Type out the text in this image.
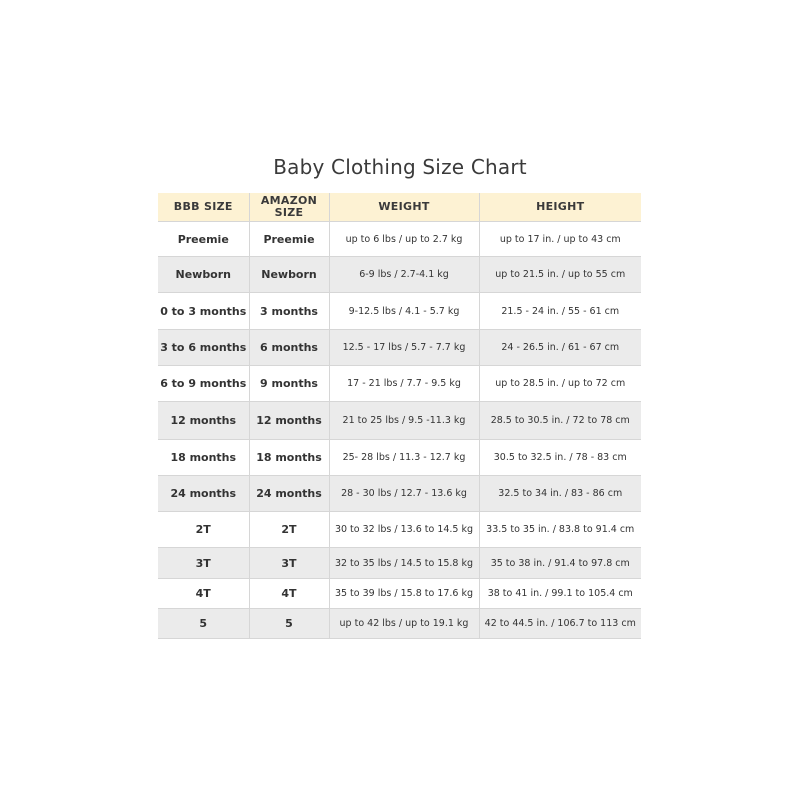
Baby Clothing Size Chart
BBB SIZE	AMAZON SIZE	WEIGHT	HEIGHT
Preemie	Preemie	up to 6 lbs / up to 2.7 kg	up to 17 in. / up to 43 cm
Newborn	Newborn	6-9 lbs / 2.7-4.1 kg	up to 21.5 in. / up to 55 cm
0 to 3 months	3 months	9-12.5 lbs / 4.1 - 5.7 kg	21.5 - 24 in. / 55 - 61 cm
3 to 6 months	6 months	12.5 - 17 lbs / 5.7 - 7.7 kg	24 - 26.5 in. / 61 - 67 cm
6 to 9 months	9 months	17 - 21 lbs / 7.7 - 9.5 kg	up to 28.5 in. / up to 72 cm
12 months	12 months	21 to 25 lbs / 9.5 -11.3 kg	28.5 to 30.5 in. / 72 to 78 cm
18 months	18 months	25- 28 lbs / 11.3 - 12.7 kg	30.5 to 32.5 in. / 78 - 83 cm
24 months	24 months	28 - 30 lbs / 12.7 - 13.6 kg	32.5 to 34 in. / 83 - 86 cm
2T	2T	30 to 32 lbs / 13.6 to 14.5 kg	33.5 to 35 in. / 83.8 to 91.4 cm
3T	3T	32 to 35 lbs / 14.5 to 15.8 kg	35 to 38 in. / 91.4 to 97.8 cm
4T	4T	35 to 39 lbs / 15.8 to 17.6 kg	38 to 41 in. / 99.1 to 105.4 cm
5	5	up to 42 lbs / up to 19.1 kg	42 to 44.5 in. / 106.7 to 113 cm
